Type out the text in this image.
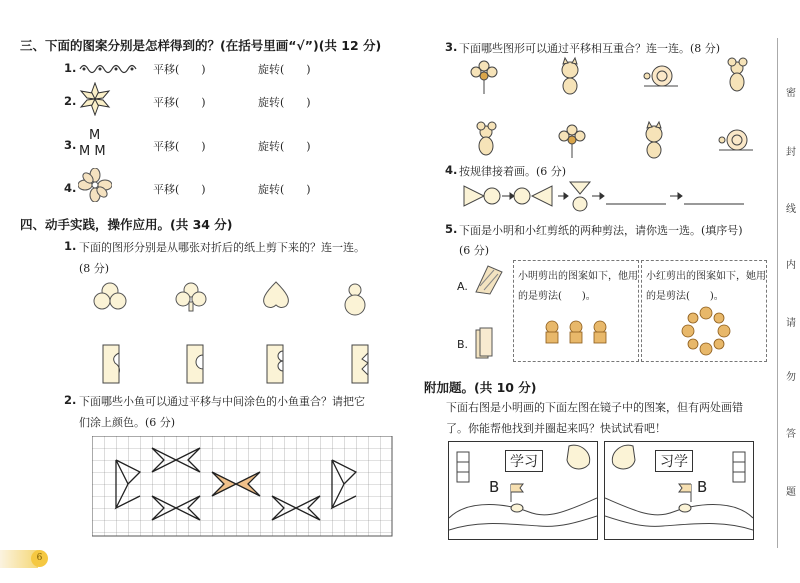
三、下面的图案分别是怎样得到的？(在括号里画“√”)(共 12 分)
1.	平移(　　)	旋转(　　)
2.	平移(　　)	旋转(　　)
3.
M
M M	平移(　　)	旋转(　　)
4.	平移(　　)	旋转(　　)
四、动手实践，操作应用。(共 34 分)
1. 下面的图形分别是从哪张对折后的纸上剪下来的？连一连。
(8 分)
2. 下面哪些小鱼可以通过平移与中间涂色的小鱼重合？请把它
们涂上颜色。(6 分)
6
3. 下面哪些图形可以通过平移相互重合？连一连。(8 分)
4. 按规律接着画。(6 分)
5. 下面是小明和小红剪纸的两种剪法，请你选一选。(填序号)
(6 分)
A.
B.
小明剪出的图案如下，他用
的是剪法(　　)。
小红剪出的图案如下，她用
的是剪法(　　)。
附加题。(共 10 分)
下面右图是小明画的下面左图在镜子中的图案，但有两处画错
了。你能帮他找到并圈起来吗？快试试看吧！
学习
B
习学
B
密
封
线
内
请
勿
答
题
